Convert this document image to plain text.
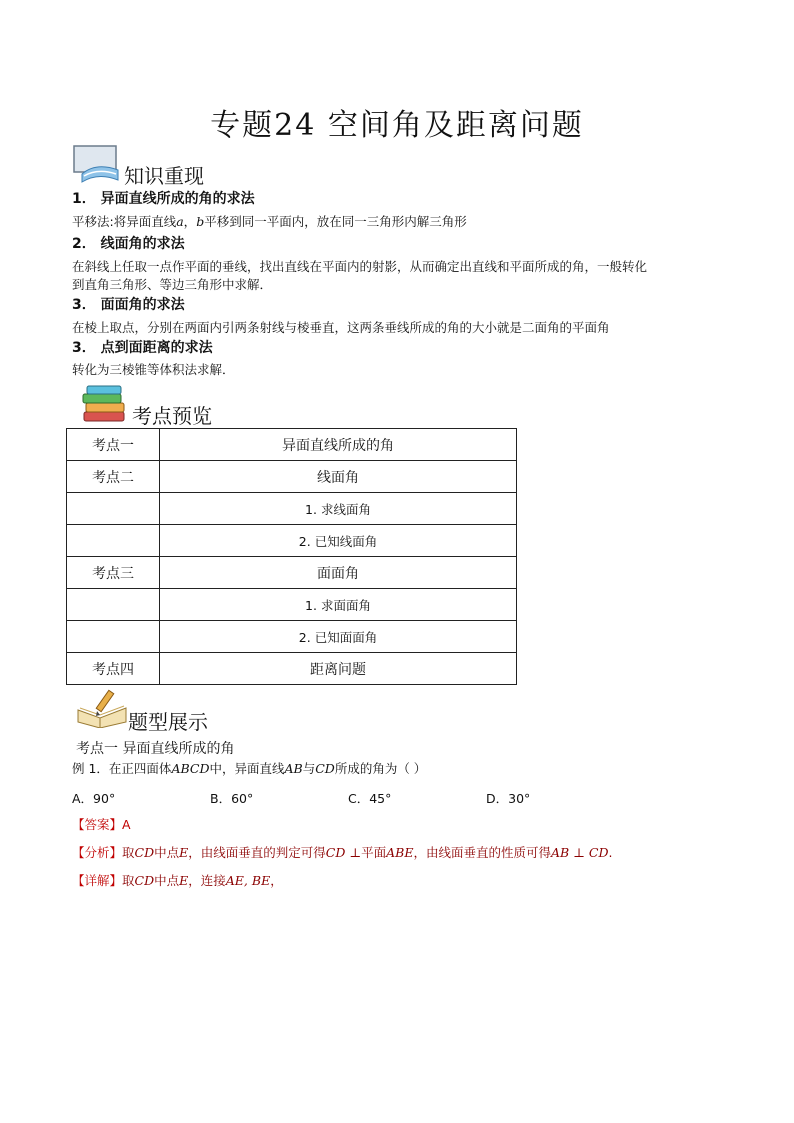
专题24 空间角及距离问题
知识重现
1． 异面直线所成的角的求法
平移法:将异面直线a，b平移到同一平面内，放在同一三角形内解三角形
2． 线面角的求法
在斜线上任取一点作平面的垂线，找出直线在平面内的射影，从而确定出直线和平面所成的角，一般转化
到直角三角形、等边三角形中求解．
3． 面面角的求法
在棱上取点，分别在两面内引两条射线与棱垂直，这两条垂线所成的角的大小就是二面角的平面角
3． 点到面距离的求法
转化为三棱锥等体积法求解．
考点预览
考点一	异面直线所成的角
考点二	线面角
	1. 求线面角
	2. 已知线面角
考点三	面面角
	1. 求面面角
	2. 已知面面角
考点四	距离问题
题型展示
考点一 异面直线所成的角
例 1．在正四面体ABCD中，异面直线AB与CD所成的角为（ ）
A．90°	B．60°	C．45°	D．30°
【答案】A
【分析】取CD中点E，由线面垂直的判定可得CD ⊥平面ABE，由线面垂直的性质可得AB ⊥ CD.
【详解】取CD中点E，连接AE, BE，
